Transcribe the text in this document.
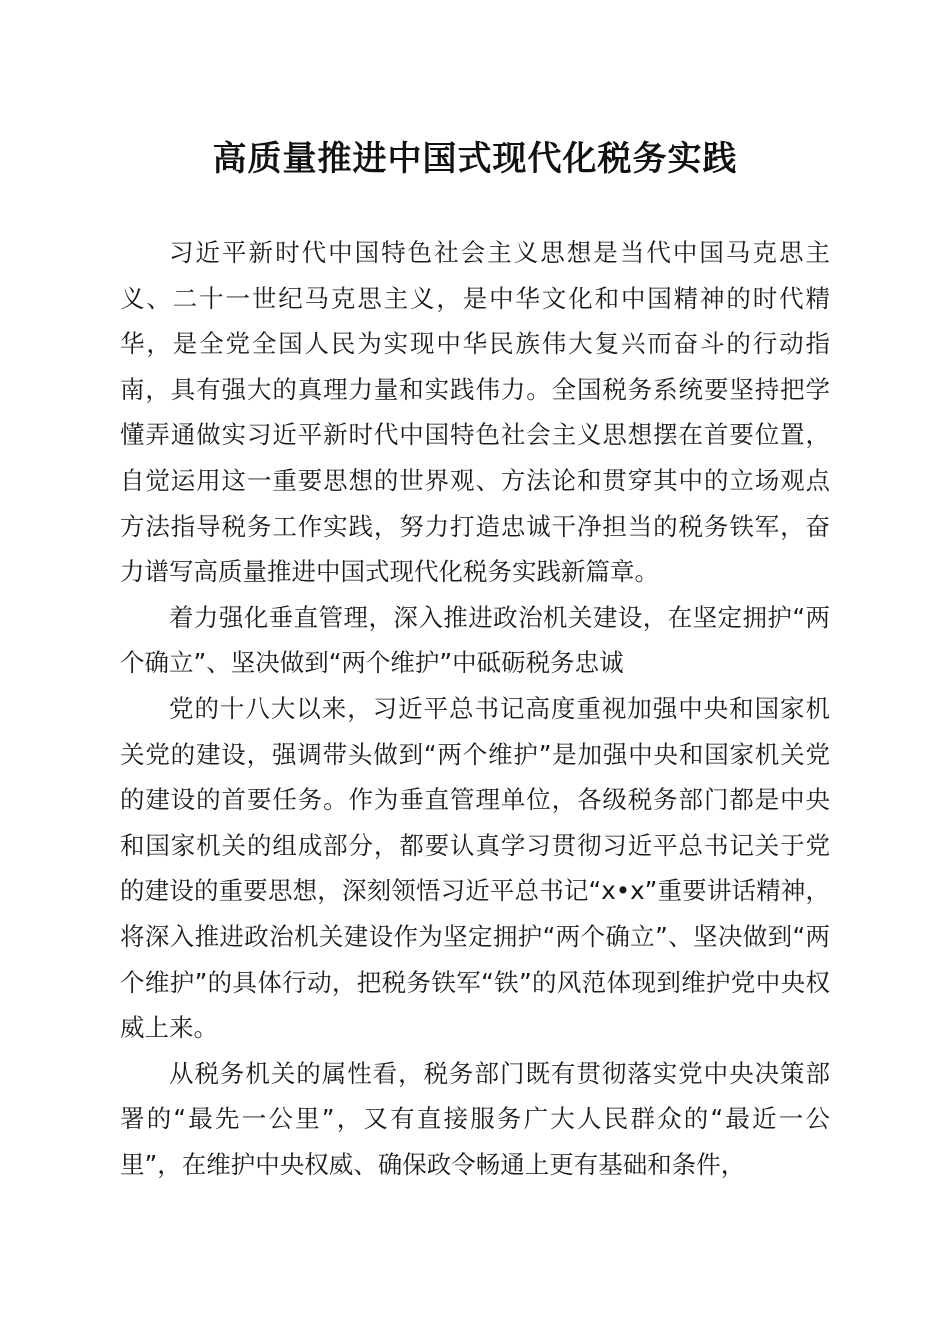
高质量推进中国式现代化税务实践

习近平新时代中国特色社会主义思想是当代中国马克思主义、二十一世纪马克思主义，是中华文化和中国精神的时代精华，是全党全国人民为实现中华民族伟大复兴而奋斗的行动指南，具有强大的真理力量和实践伟力。全国税务系统要坚持把学懂弄通做实习近平新时代中国特色社会主义思想摆在首要位置，自觉运用这一重要思想的世界观、方法论和贯穿其中的立场观点方法指导税务工作实践，努力打造忠诚干净担当的税务铁军，奋力谱写高质量推进中国式现代化税务实践新篇章。

着力强化垂直管理，深入推进政治机关建设，在坚定拥护“两个确立”、坚决做到“两个维护”中砥砺税务忠诚

党的十八大以来，习近平总书记高度重视加强中央和国家机关党的建设，强调带头做到“两个维护”是加强中央和国家机关党的建设的首要任务。作为垂直管理单位，各级税务部门都是中央和国家机关的组成部分，都要认真学习贯彻习近平总书记关于党的建设的重要思想，深刻领悟习近平总书记“x•x”重要讲话精神，将深入推进政治机关建设作为坚定拥护“两个确立”、坚决做到“两个维护”的具体行动，把税务铁军“铁”的风范体现到维护党中央权威上来。

从税务机关的属性看，税务部门既有贯彻落实党中央决策部署的“最先一公里”，又有直接服务广大人民群众的“最近一公里”，在维护中央权威、确保政令畅通上更有基础和条件，
